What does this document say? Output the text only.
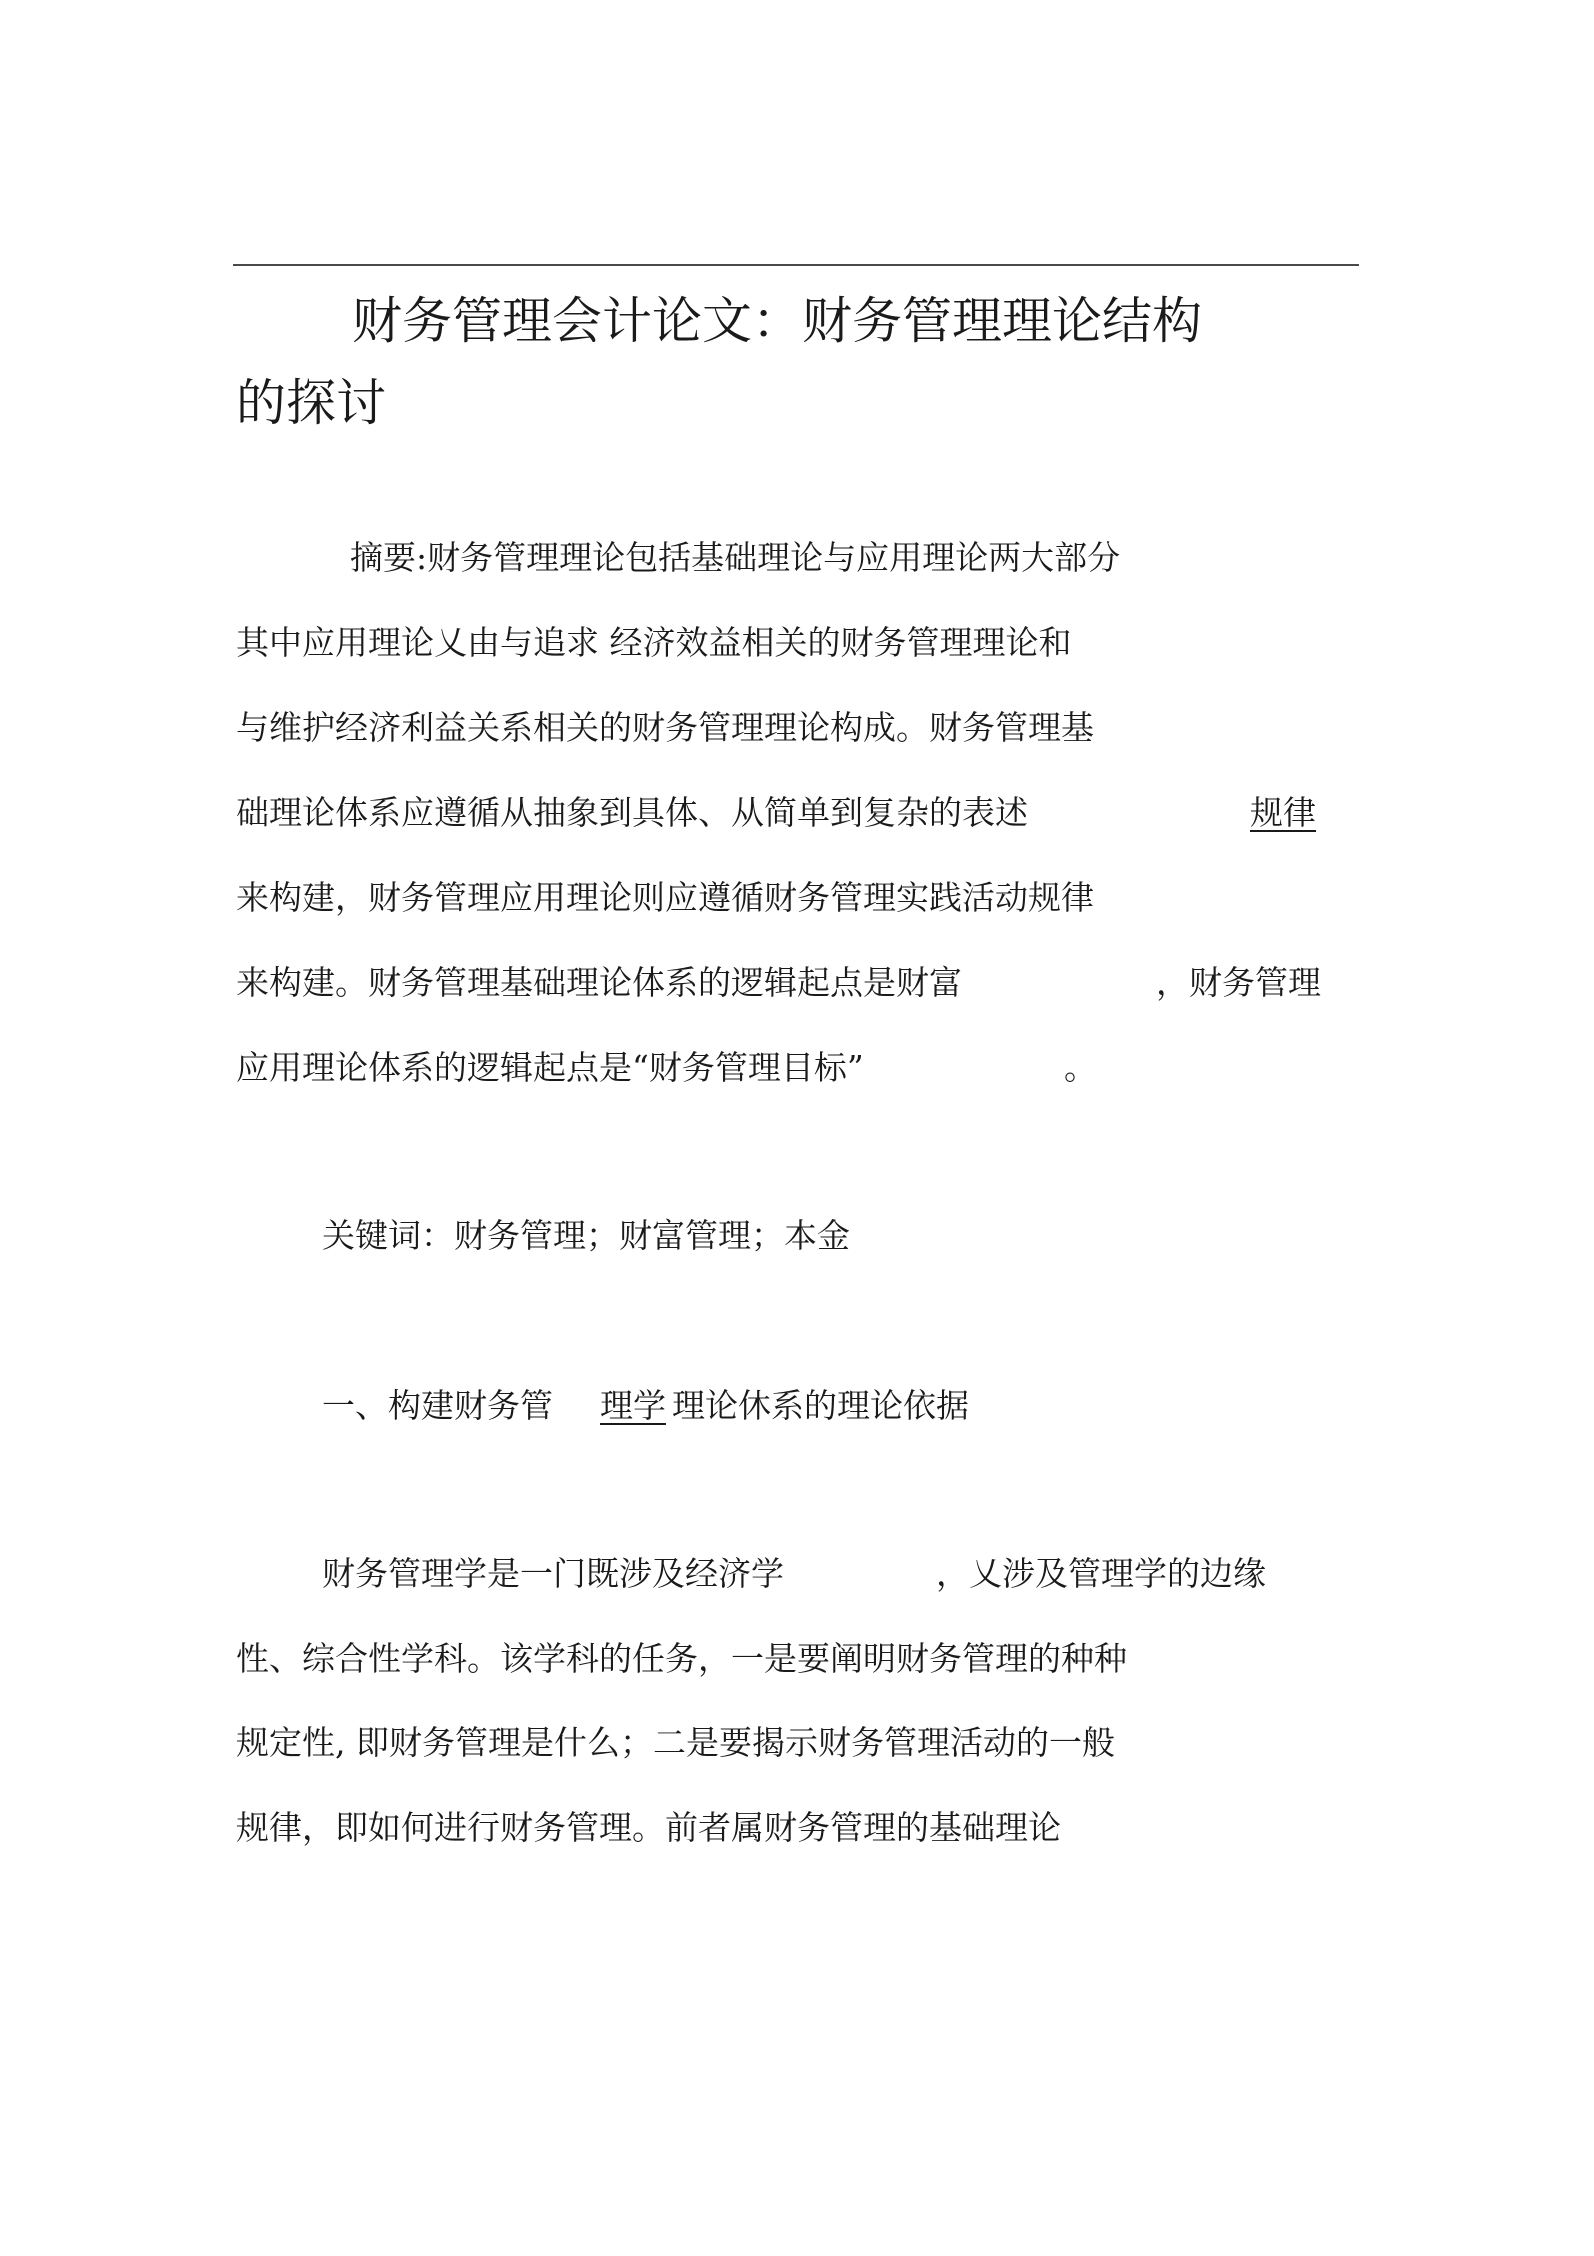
财务管理会计论文：财务管理理论结构
的探讨
摘要:财务管理理论包括基础理论与应用理论两大部分
其中应用理论乂由与追求 经济效益相关的财务管理理论和
与维护经济利益关系相关的财务管理理论构成。财务管理基
础理论体系应遵循从抽象到具体、从简单到复杂的表述	规律
来构建，财务管理应用理论则应遵循财务管理实践活动规律
来构建。财务管理基础理论体系的逻辑起点是财富	，财务管理
应用理论体系的逻辑起点是“财务管理目标”	。
关键词：财务管理；财富管理；本金
一、构建财务管 理学 理论休系的理论依据
财务管理学是一门既涉及经济学	，乂涉及管理学的边缘
性、综合性学科。该学科的任务，一是要阐明财务管理的种种
规定性, 即财务管理是什么；二是要揭示财务管理活动的一般
规律，即如何进行财务管理。前者属财务管理的基础理论
